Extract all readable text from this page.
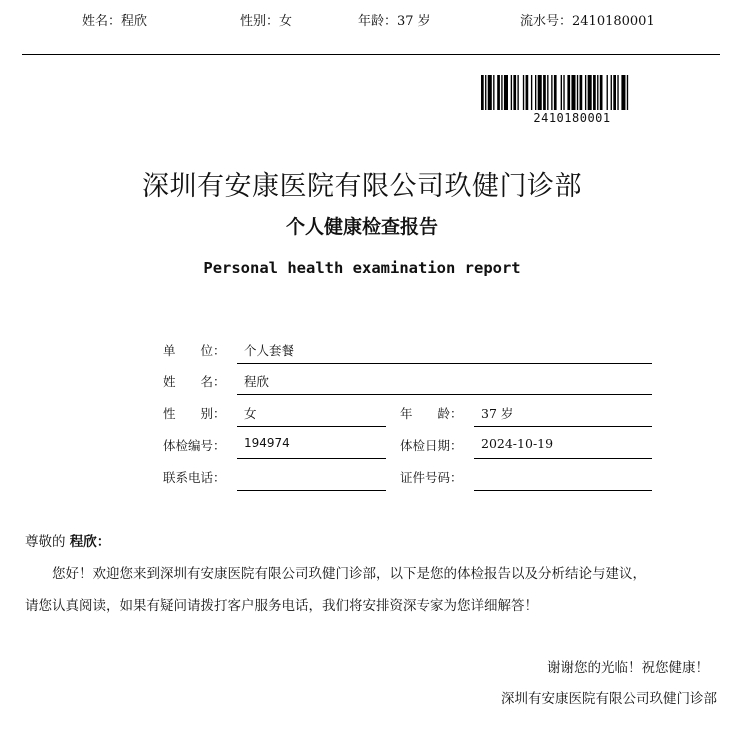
姓名：程欣	性别：女	年龄：37 岁	流水号：2410180001
2410180001
深圳有安康医院有限公司玖健门诊部
个人健康检查报告
Personal health examination report
单　　位： 个人套餐
姓　　名： 程欣
性　　别： 女	年　　龄： 37 岁
体检编号： 194974	体检日期： 2024-10-19
联系电话：	证件号码：
尊敬的 程欣：
您好！欢迎您来到深圳有安康医院有限公司玖健门诊部，以下是您的体检报告以及分析结论与建议，
请您认真阅读，如果有疑问请拨打客户服务电话，我们将安排资深专家为您详细解答！
谢谢您的光临！祝您健康！
深圳有安康医院有限公司玖健门诊部
